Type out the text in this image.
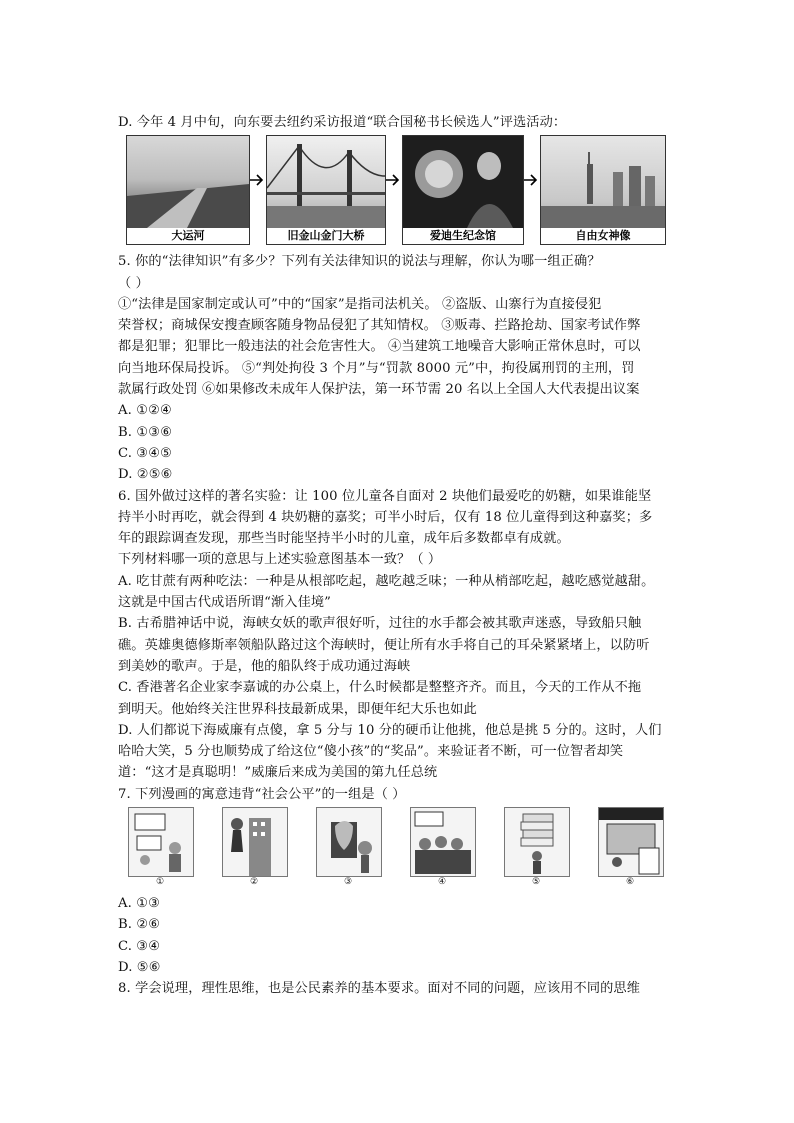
D. 今年 4 月中旬，向东要去纽约采访报道“联合国秘书长候选人”评选活动：
大运河	旧金山金门大桥	爱迪生纪念馆	自由女神像
5. 你的“法律知识”有多少？下列有关法律知识的说法与理解，你认为哪一组正确？
（ ）
①“法律是国家制定或认可”中的“国家”是指司法机关。 ②盗版、山寨行为直接侵犯
荣誉权；商城保安搜查顾客随身物品侵犯了其知情权。 ③贩毒、拦路抢劫、国家考试作弊
都是犯罪；犯罪比一般违法的社会危害性大。 ④当建筑工地噪音大影响正常休息时，可以
向当地环保局投诉。 ⑤“判处拘役 3 个月”与“罚款 8000 元”中，拘役属刑罚的主刑，罚
款属行政处罚 ⑥如果修改未成年人保护法，第一环节需 20 名以上全国人大代表提出议案
A. ①②④
B. ①③⑥
C. ③④⑤
D. ②⑤⑥
6. 国外做过这样的著名实验：让 100 位儿童各自面对 2 块他们最爱吃的奶糖，如果谁能坚
持半小时再吃，就会得到 4 块奶糖的嘉奖；可半小时后，仅有 18 位儿童得到这种嘉奖；多
年的跟踪调查发现，那些当时能坚持半小时的儿童，成年后多数都卓有成就。
下列材料哪一项的意思与上述实验意图基本一致？（ ）
A. 吃甘蔗有两种吃法：一种是从根部吃起，越吃越乏味；一种从梢部吃起，越吃感觉越甜。
这就是中国古代成语所谓“渐入佳境”
B. 古希腊神话中说，海峡女妖的歌声很好听，过往的水手都会被其歌声迷惑，导致船只触
礁。英雄奥德修斯率领船队路过这个海峡时，便让所有水手将自己的耳朵紧紧堵上，以防听
到美妙的歌声。于是，他的船队终于成功通过海峡
C. 香港著名企业家李嘉诚的办公桌上，什么时候都是整整齐齐。而且，今天的工作从不拖
到明天。他始终关注世界科技最新成果，即便年纪大乐也如此
D. 人们都说下海威廉有点傻，拿 5 分与 10 分的硬币让他挑，他总是挑 5 分的。这时，人们
哈哈大笑，5 分也顺势成了给这位“傻小孩”的“奖品”。来验证者不断，可一位智者却笑
道：“这才是真聪明！”威廉后来成为美国的第九任总统
7. 下列漫画的寓意违背“社会公平”的一组是（ ）
①	②	③	④	⑤	⑥
A. ①③
B. ②⑥
C. ③④
D. ⑤⑥
8. 学会说理，理性思维，也是公民素养的基本要求。面对不同的问题，应该用不同的思维
